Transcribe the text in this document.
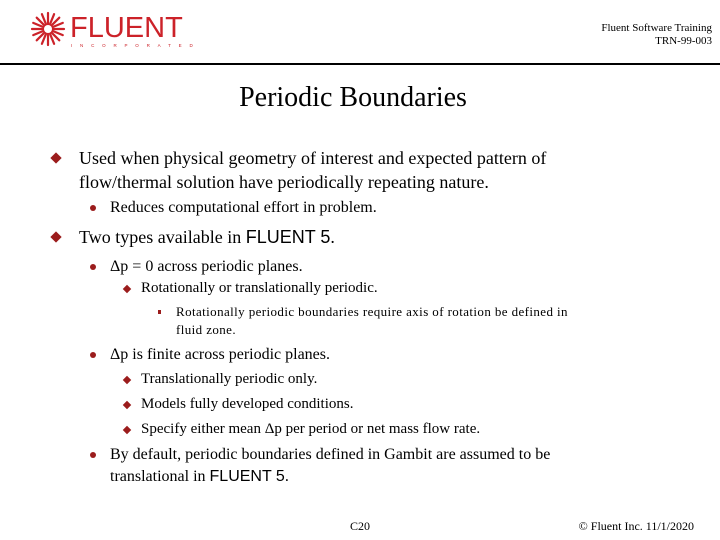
FLUENT
INCORPORATED
Fluent Software Training
TRN-99-003
Periodic Boundaries
Used when physical geometry of interest and expected pattern of
flow/thermal solution have periodically repeating nature.
Reduces computational effort in problem.
Two types available in FLUENT 5.
Δp = 0 across periodic planes.
Rotationally or translationally periodic.
Rotationally periodic boundaries require axis of rotation be defined in
fluid zone.
Δp is finite across periodic planes.
Translationally periodic only.
Models fully developed conditions.
Specify either mean Δp per period or net mass flow rate.
By default, periodic boundaries defined in Gambit are assumed to be
translational in FLUENT 5.
C20	© Fluent Inc. 11/1/2020
